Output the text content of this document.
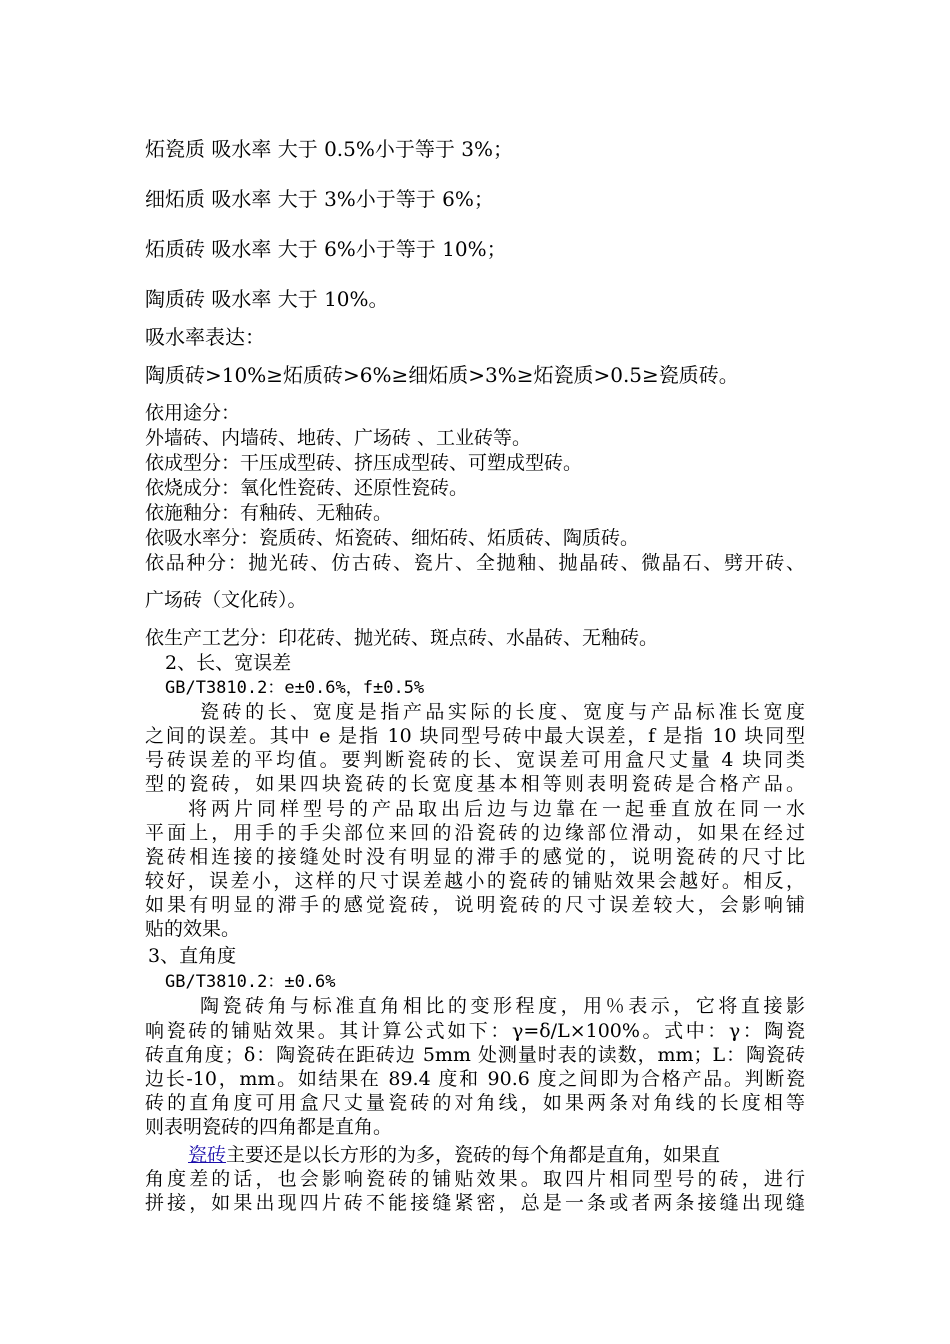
炻瓷质 吸水率 大于 0.5%小于等于 3%；
细炻质 吸水率 大于 3%小于等于 6%；
炻质砖 吸水率 大于 6%小于等于 10%；
陶质砖 吸水率 大于 10%。
吸水率表达：
陶质砖>10%≥炻质砖>6%≥细炻质>3%≥炻瓷质>0.5≥瓷质砖。
依用途分：
外墙砖、内墙砖、地砖、广场砖 、工业砖等。
依成型分：干压成型砖、挤压成型砖、可塑成型砖。
依烧成分：氧化性瓷砖、还原性瓷砖。
依施釉分：有釉砖、无釉砖。
依吸水率分：瓷质砖、炻瓷砖、细炻砖、炻质砖、陶质砖。
依品种分：抛光砖、仿古砖、瓷片、全抛釉、抛晶砖、微晶石、劈开砖、
广场砖（文化砖）。
依生产工艺分：印花砖、抛光砖、斑点砖、水晶砖、无釉砖。
2、长、宽误差
GB/T3810.2：e±0.6%，f±0.5%
瓷砖的长、宽度是指产品实际的长度、宽度与产品标准长宽度
之间的误差。其中 e 是指 10 块同型号砖中最大误差，f 是指 10 块同型
号砖误差的平均值。要判断瓷砖的长、宽误差可用盒尺丈量 4 块同类
型的瓷砖，如果四块瓷砖的长宽度基本相等则表明瓷砖是合格产品。
将两片同样型号的产品取出后边与边靠在一起垂直放在同一水
平面上，用手的手尖部位来回的沿瓷砖的边缘部位滑动，如果在经过
瓷砖相连接的接缝处时没有明显的滞手的感觉的，说明瓷砖的尺寸比
较好，误差小，这样的尺寸误差越小的瓷砖的铺贴效果会越好。相反，
如果有明显的滞手的感觉瓷砖，说明瓷砖的尺寸误差较大，会影响铺
贴的效果。
3、直角度
GB/T3810.2：±0.6%
陶瓷砖角与标准直角相比的变形程度，用％表示，它将直接影
响瓷砖的铺贴效果。其计算公式如下：γ=δ/L×100%。式中：γ：陶瓷
砖直角度；δ：陶瓷砖在距砖边 5mm 处测量时表的读数，mm；L：陶瓷砖
边长-10，mm。如结果在 89.4 度和 90.6 度之间即为合格产品。判断瓷
砖的直角度可用盒尺丈量瓷砖的对角线，如果两条对角线的长度相等
则表明瓷砖的四角都是直角。
瓷砖主要还是以长方形的为多，瓷砖的每个角都是直角，如果直
角度差的话，也会影响瓷砖的铺贴效果。取四片相同型号的砖，进行
拼接，如果出现四片砖不能接缝紧密，总是一条或者两条接缝出现缝
